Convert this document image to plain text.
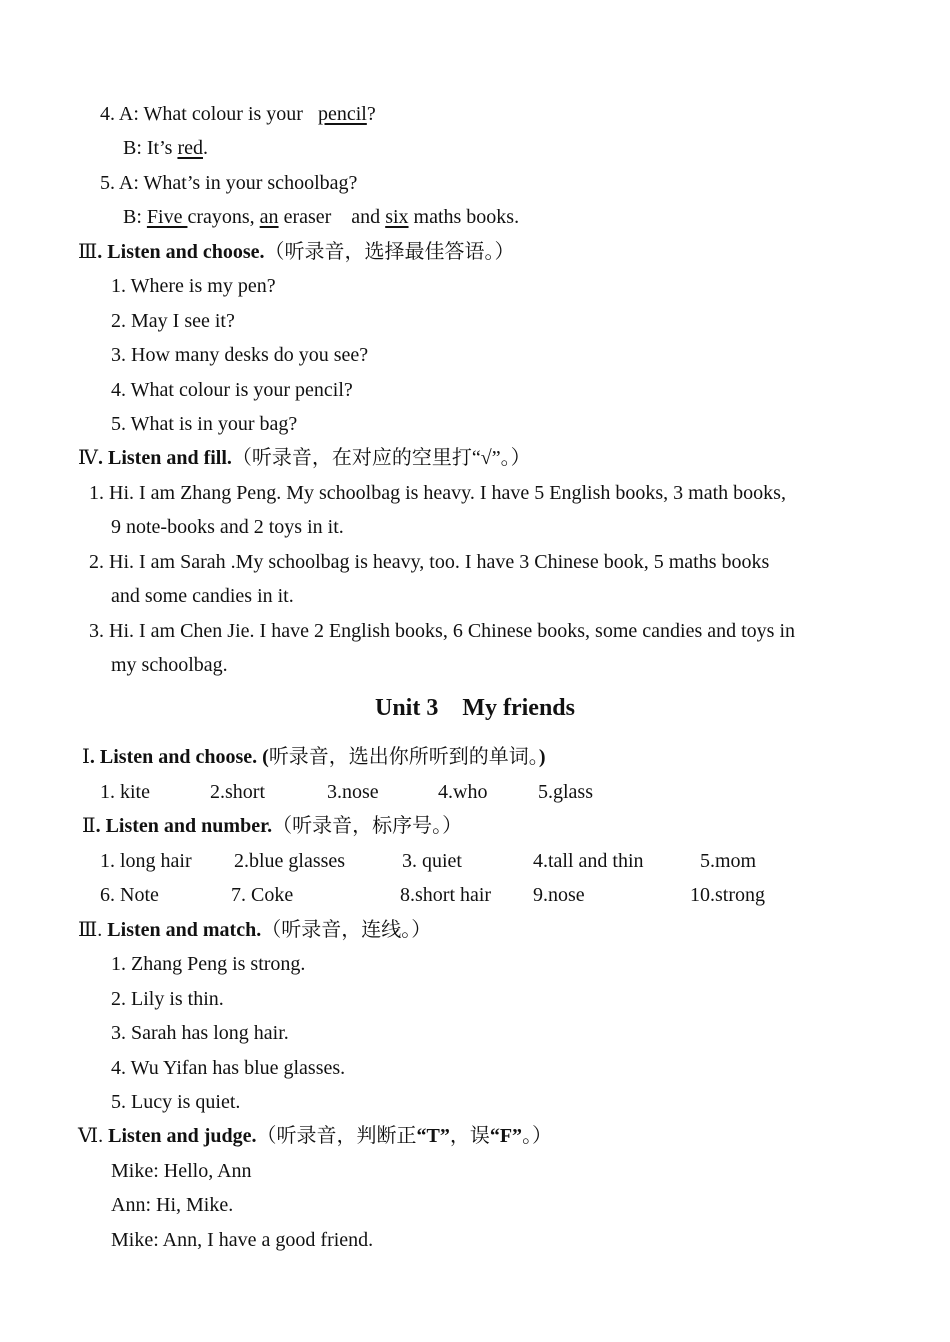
4. A: What colour is your   pencil?
B: It’s red.
5. A: What’s in your schoolbag?
B: Five crayons, an eraser    and six maths books.
Ⅲ. Listen and choose.（听录音，选择最佳答语。）
1. Where is my pen?
2. May I see it?
3. How many desks do you see?
4. What colour is your pencil?
5. What is in your bag?
Ⅳ. Listen and fill.（听录音，在对应的空里打“√”。）
1. Hi. I am Zhang Peng. My schoolbag is heavy. I have 5 English books, 3 math books,
9 note-books and 2 toys in it.
2. Hi. I am Sarah .My schoolbag is heavy, too. I have 3 Chinese book, 5 maths books
and some candies in it.
3. Hi. I am Chen Jie. I have 2 English books, 6 Chinese books, some candies and toys in
my schoolbag.
Unit 3    My friends
Ⅰ. Listen and choose. (听录音，选出你所听到的单词。)
1. kite	2.short	3.nose	4.who	5.glass
Ⅱ. Listen and number.（听录音，标序号。）
1. long hair 2.blue glasses	3. quiet	4.tall and thin	5.mom
6. Note	7. Coke	8.short hair 9.nose	10.strong
Ⅲ. Listen and match.（听录音，连线。）
1. Zhang Peng is strong.
2. Lily is thin.
3. Sarah has long hair.
4. Wu Yifan has blue glasses.
5. Lucy is quiet.
Ⅵ. Listen and judge.（听录音，判断正“T”，误“F”。）
Mike: Hello, Ann
Ann: Hi, Mike.
Mike: Ann, I have a good friend.
